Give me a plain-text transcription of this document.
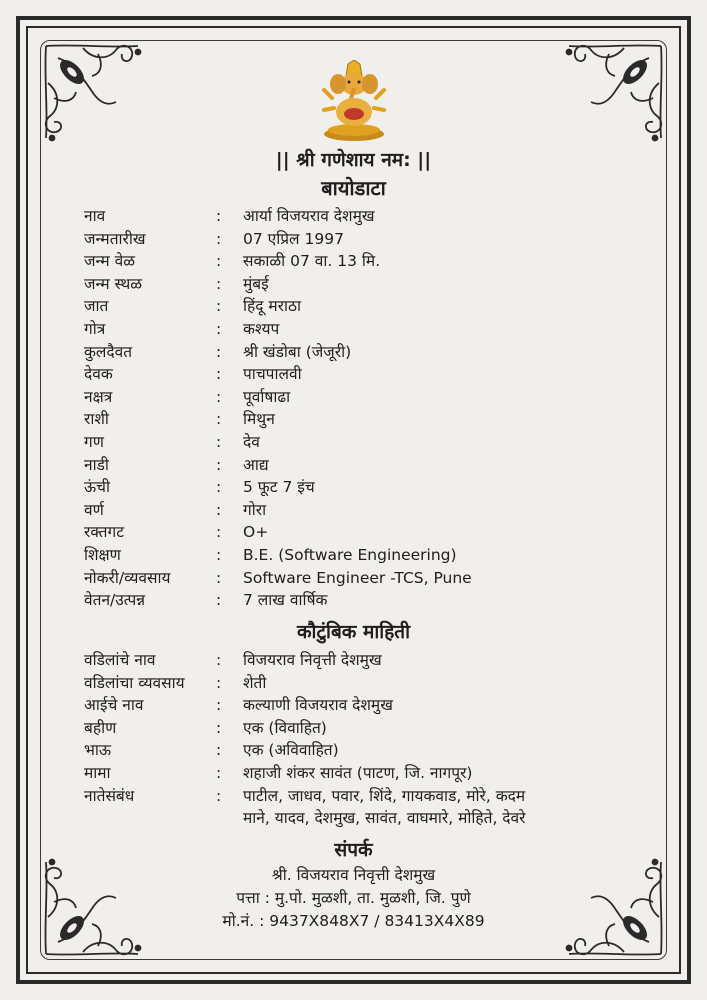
|| श्री गणेशाय नम: ||
बायोडाटा
नाव	:	आर्या विजयराव देशमुख
जन्मतारीख	:	07 एप्रिल 1997
जन्म वेळ	:	सकाळी 07 वा. 13 मि.
जन्म स्थळ	:	मुंबई
जात	:	हिंदू मराठा
गोत्र	:	कश्यप
कुलदैवत	:	श्री खंडोबा (जेजूरी)
देवक	:	पाचपालवी
नक्षत्र	:	पूर्वाषाढा
राशी	:	मिथुन
गण	:	देव
नाडी	:	आद्य
ऊंची	:	5 फूट 7 इंच
वर्ण	:	गोरा
रक्तगट	:	O+
शिक्षण	:	B.E. (Software Engineering)
नोकरी/व्यवसाय	:	Software Engineer -TCS, Pune
वेतन/उत्पन्न	:	7 लाख वार्षिक
कौटुंबिक माहिती
वडिलांचे नाव	:	विजयराव निवृत्ती देशमुख
वडिलांचा व्यवसाय	:	शेती
आईचे नाव	:	कल्याणी विजयराव देशमुख
बहीण	:	एक (विवाहित)
भाऊ	:	एक (अविवाहित)
मामा	:	शहाजी शंकर सावंत (पाटण, जि. नागपूर)
नातेसंबंध	:	पाटील, जाधव, पवार, शिंदे, गायकवाड, मोरे, कदम
माने, यादव, देशमुख, सावंत, वाघमारे, मोहिते, देवरे
संपर्क
श्री. विजयराव निवृत्ती देशमुख
पत्ता : मु.पो. मुळशी, ता. मुळशी, जि. पुणे
मो.नं. : 9437X848X7 / 83413X4X89
